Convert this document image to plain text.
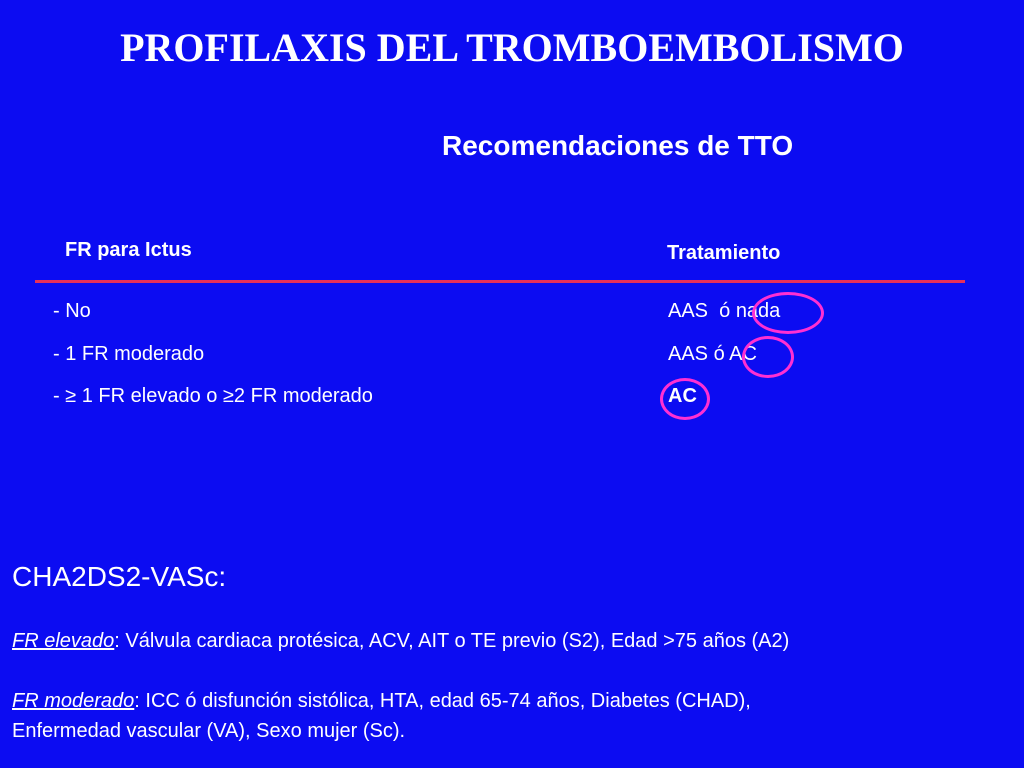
PROFILAXIS DEL TROMBOEMBOLISMO
Recomendaciones de TTO
FR para Ictus	Tratamiento
- No	AAS  ó nada
- 1 FR moderado	AAS ó AC
- ≥ 1 FR elevado o ≥2 FR moderado	AC
CHA2DS2-VASc:
FR elevado: Válvula cardiaca protésica, ACV, AIT o TE previo (S2), Edad >75 años (A2)
FR moderado: ICC ó disfunción sistólica, HTA, edad 65-74 años, Diabetes (CHAD),
Enfermedad vascular (VA), Sexo mujer (Sc).
